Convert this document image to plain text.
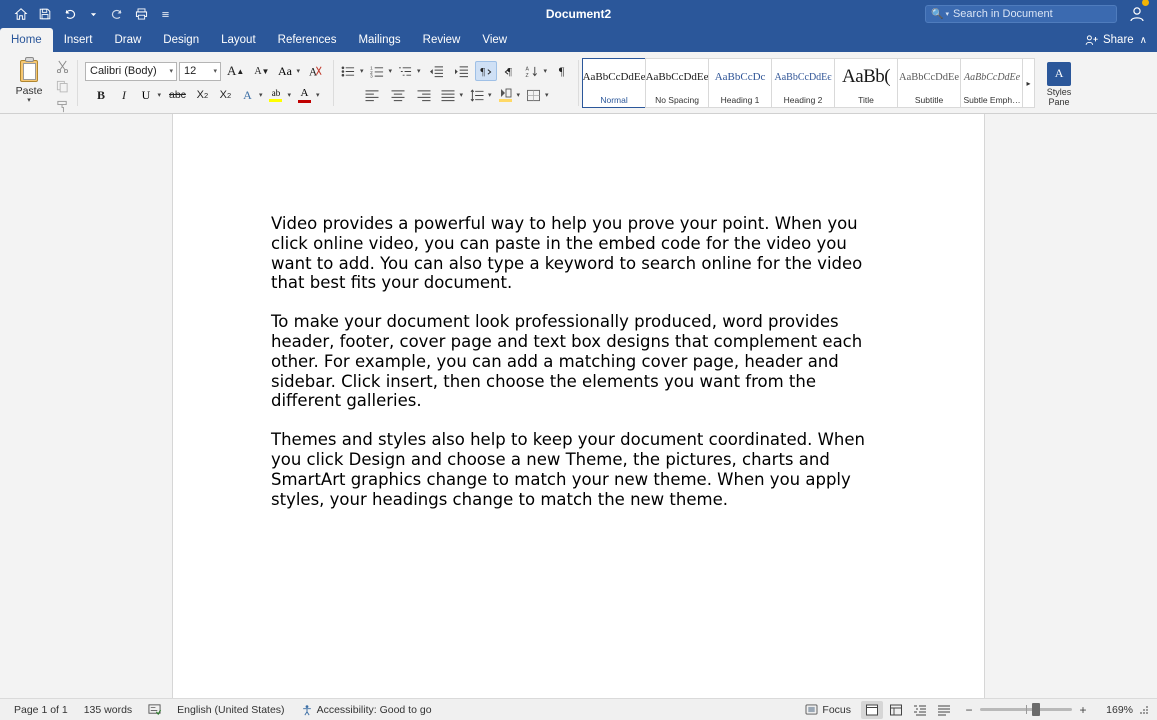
Document2	🔍 ▾ Search in Document
Home	Insert	Draw	Design	Layout	References	Mailings	Review	View	Share ∧
Paste
▾
Calibri (Body)	▾ 12	▾ A ▲ A ▼ Aa ▾ A
B	I	U	▾ abc X 2 X 2 A	▾ ab ▾ A ▾
▾
1
2
3
▾	▾	¶ ¶	A
Z
▾ ¶
▾	▾	▾	▾
AaBbCcDdEe
Normal
AaBbCcDdEe
No Spacing
AaBbCcDc
Heading 1
AaBbCcDdEє
Heading 2
AaBb(
Title
AaBbCcDdEe
Subtitle
AaBbCcDdEe
Subtle Emph…
▸
A
Styles Pane

Video provides a powerful way to help you prove your point. When you click online video, you can paste in the embed code for the video you want to add. You can also type a keyword to search online for the video that best fits your document.

To make your document look professionally produced, word provides header, footer, cover page and text box designs that complement each other. For example, you can add a matching cover page, header and sidebar. Click insert, then choose the elements you want from the different galleries.

Themes and styles also help to keep your document coordinated. When you click Design and choose a new Theme, the pictures, charts and SmartArt graphics change to match your new theme. When you apply styles, your headings change to match the new theme.

Page 1 of 1	135 words	English (United States)	Accessibility: Good to go	Focus	−	+	169%
